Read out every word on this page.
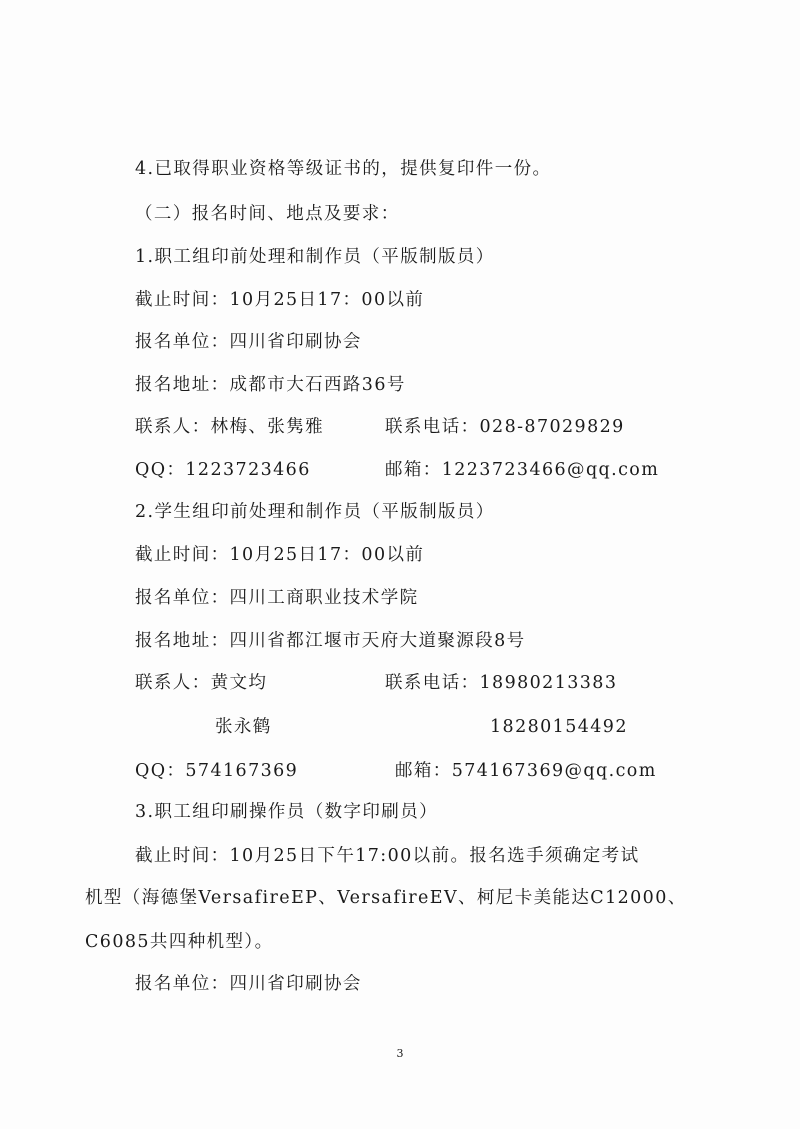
4.已取得职业资格等级证书的，提供复印件一份。
（二）报名时间、地点及要求：
1.职工组印前处理和制作员（平版制版员）
截止时间：10月25日17：00以前
报名单位：四川省印刷协会
报名地址：成都市大石西路36号
联系人：林梅、张隽雅	联系电话：028-87029829
QQ：1223723466	邮箱：1223723466@qq.com
2.学生组印前处理和制作员（平版制版员）
截止时间：10月25日17：00以前
报名单位：四川工商职业技术学院
报名地址：四川省都江堰市天府大道聚源段8号
联系人：黄文均	联系电话：18980213383
张永鹤	18280154492
QQ：574167369	邮箱：574167369@qq.com
3.职工组印刷操作员（数字印刷员）
截止时间：10月25日下午17:00以前。报名选手须确定考试
机型（海德堡VersafireEP、VersafireEV、柯尼卡美能达C12000、
C6085共四种机型）。
报名单位：四川省印刷协会
3
